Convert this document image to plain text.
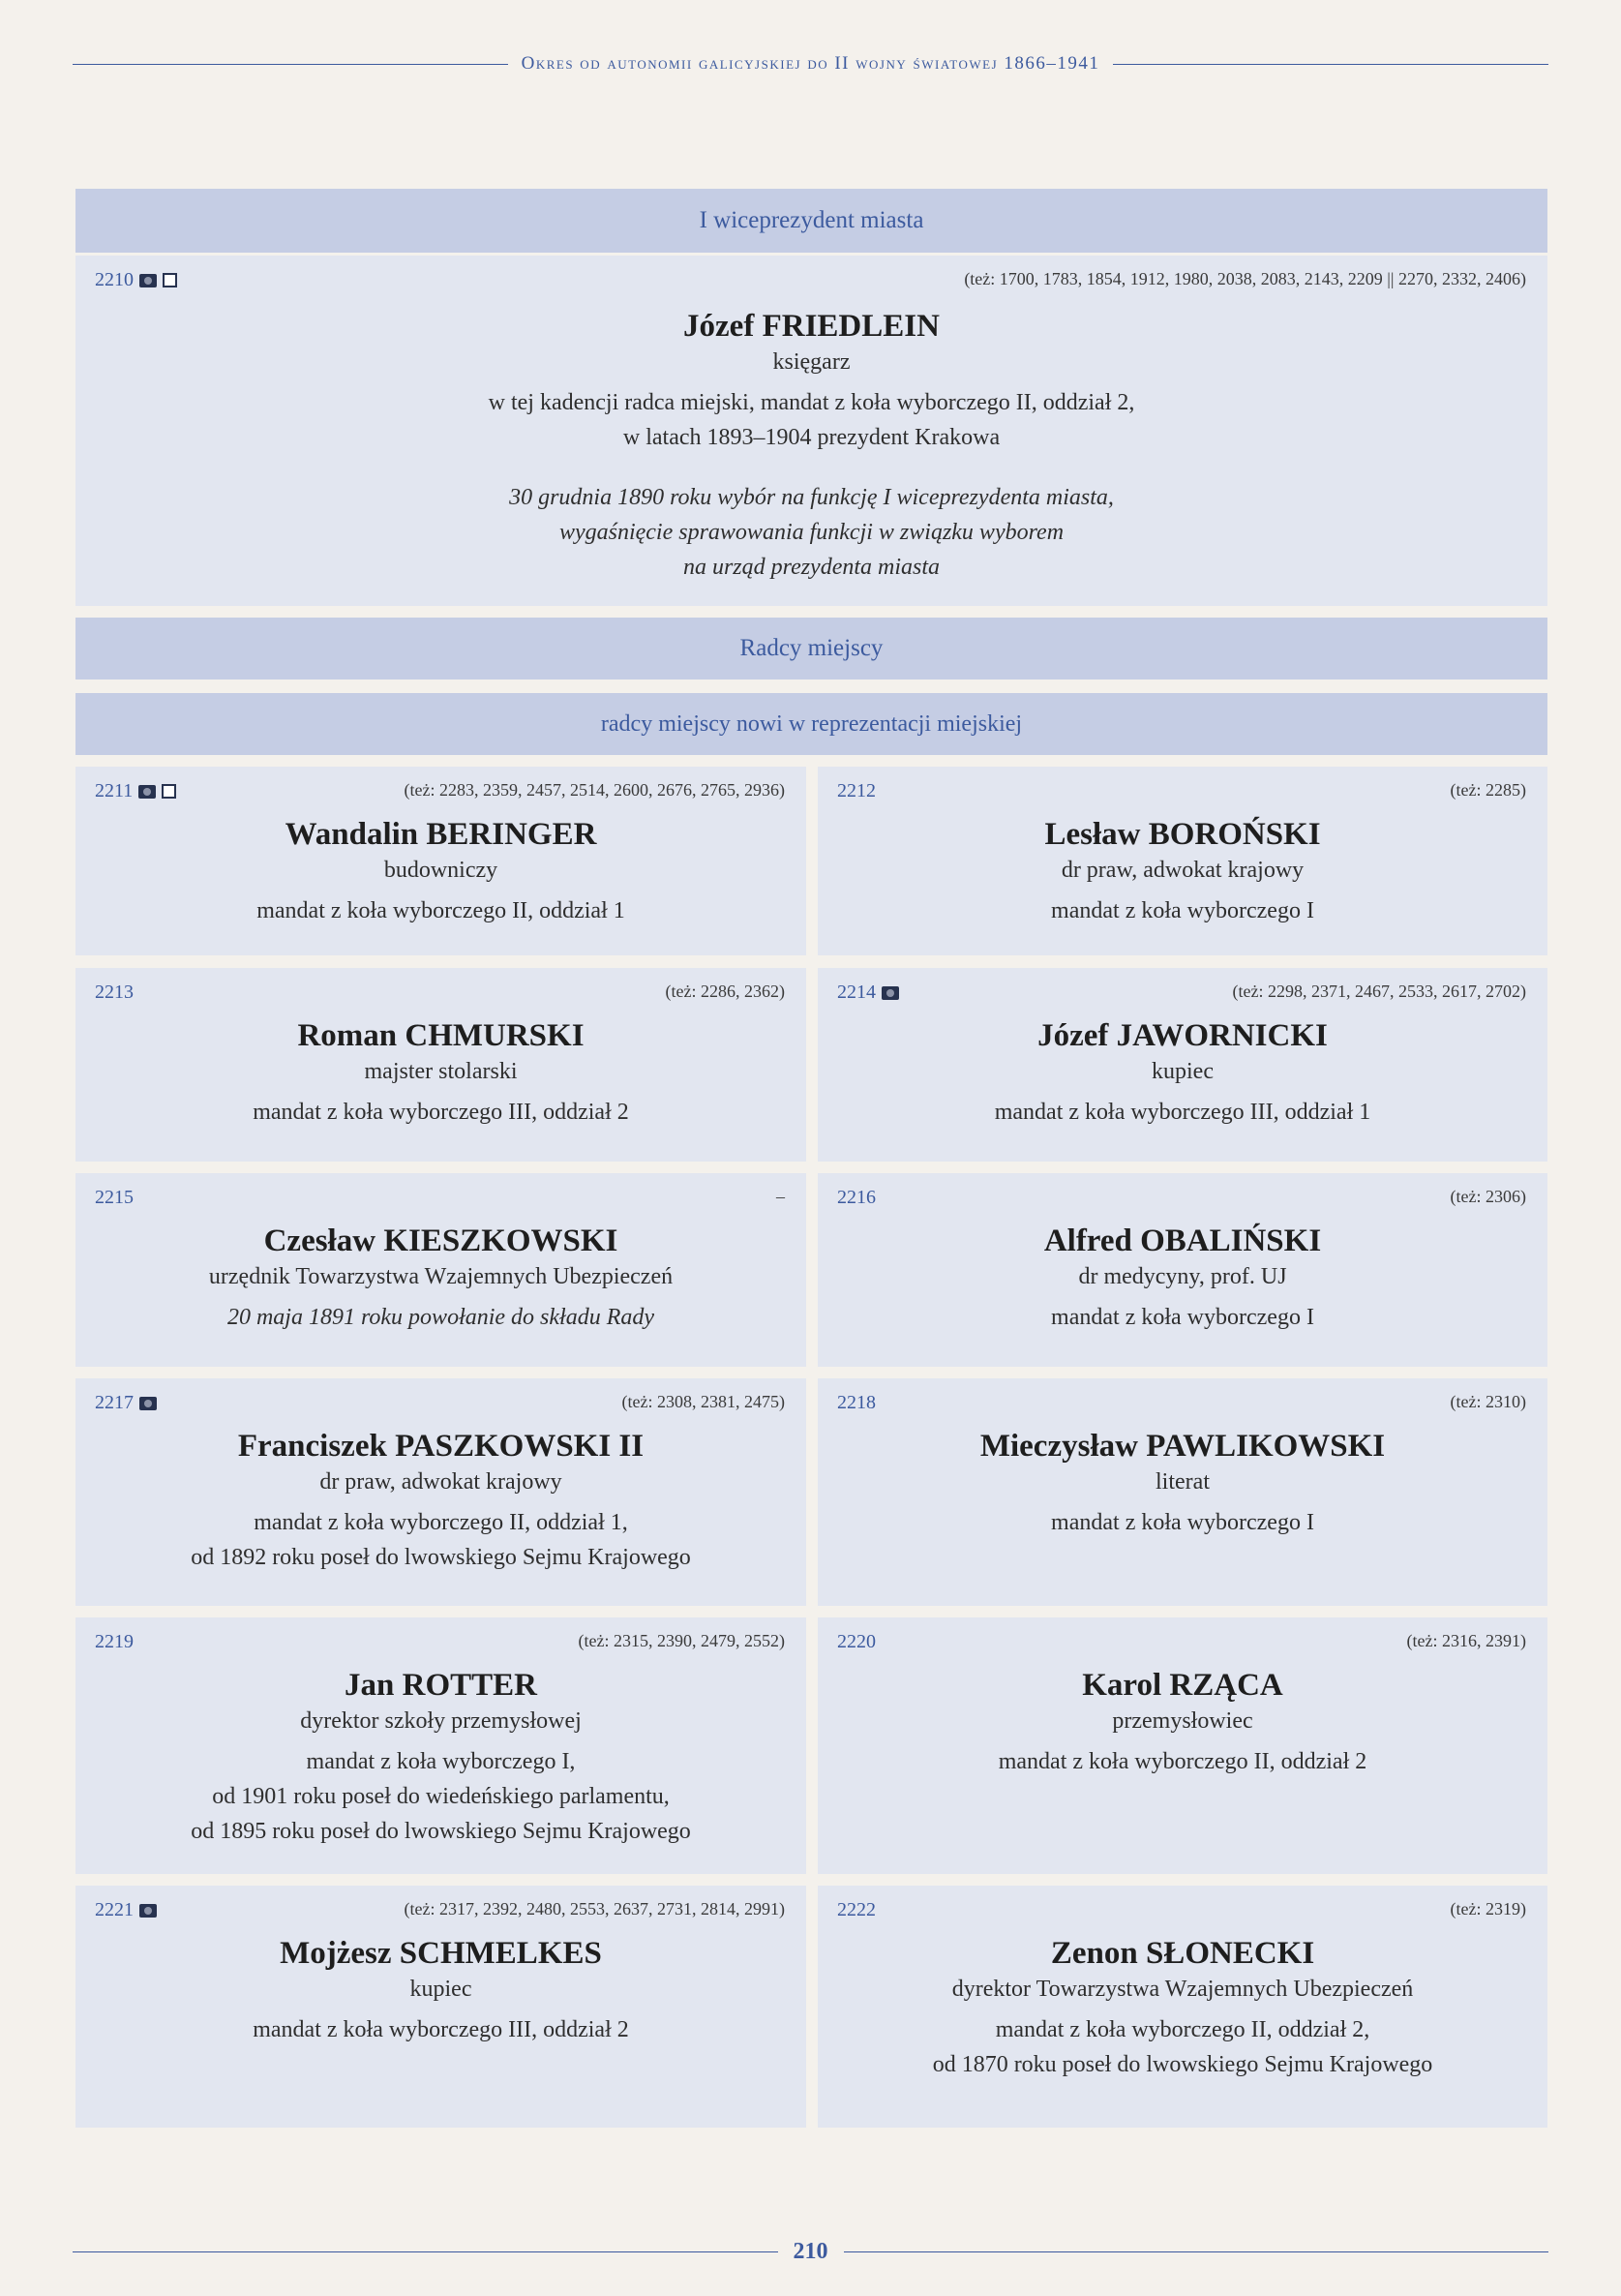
Okres od autonomii galicyjskiej do II wojny światowej 1866–1941
I wiceprezydent miasta
2210	(też: 1700, 1783, 1854, 1912, 1980, 2038, 2083, 2143, 2209 || 2270, 2332, 2406)
Józef FRIEDLEIN
księgarz
w tej kadencji radca miejski, mandat z koła wyborczego II, oddział 2,
w latach 1893–1904 prezydent Krakowa
30 grudnia 1890 roku wybór na funkcję I wiceprezydenta miasta,
wygaśnięcie sprawowania funkcji w związku wyborem
na urząd prezydenta miasta
Radcy miejscy
radcy miejscy nowi w reprezentacji miejskiej
2211	(też: 2283, 2359, 2457, 2514, 2600, 2676, 2765, 2936)
Wandalin BERINGER
budowniczy
mandat z koła wyborczego II, oddział 1
2212	(też: 2285)
Lesław BOROŃSKI
dr praw, adwokat krajowy
mandat z koła wyborczego I
2213	(też: 2286, 2362)
Roman CHMURSKI
majster stolarski
mandat z koła wyborczego III, oddział 2
2214	(też: 2298, 2371, 2467, 2533, 2617, 2702)
Józef JAWORNICKI
kupiec
mandat z koła wyborczego III, oddział 1
2215	–
Czesław KIESZKOWSKI
urzędnik Towarzystwa Wzajemnych Ubezpieczeń
20 maja 1891 roku powołanie do składu Rady
2216	(też: 2306)
Alfred OBALIŃSKI
dr medycyny, prof. UJ
mandat z koła wyborczego I
2217	(też: 2308, 2381, 2475)
Franciszek PASZKOWSKI II
dr praw, adwokat krajowy
mandat z koła wyborczego II, oddział 1,
od 1892 roku poseł do lwowskiego Sejmu Krajowego
2218	(też: 2310)
Mieczysław PAWLIKOWSKI
literat
mandat z koła wyborczego I
2219	(też: 2315, 2390, 2479, 2552)
Jan ROTTER
dyrektor szkoły przemysłowej
mandat z koła wyborczego I,
od 1901 roku poseł do wiedeńskiego parlamentu,
od 1895 roku poseł do lwowskiego Sejmu Krajowego
2220	(też: 2316, 2391)
Karol RZĄCA
przemysłowiec
mandat z koła wyborczego II, oddział 2
2221	(też: 2317, 2392, 2480, 2553, 2637, 2731, 2814, 2991)
Mojżesz SCHMELKES
kupiec
mandat z koła wyborczego III, oddział 2
2222	(też: 2319)
Zenon SŁONECKI
dyrektor Towarzystwa Wzajemnych Ubezpieczeń
mandat z koła wyborczego II, oddział 2,
od 1870 roku poseł do lwowskiego Sejmu Krajowego
210
